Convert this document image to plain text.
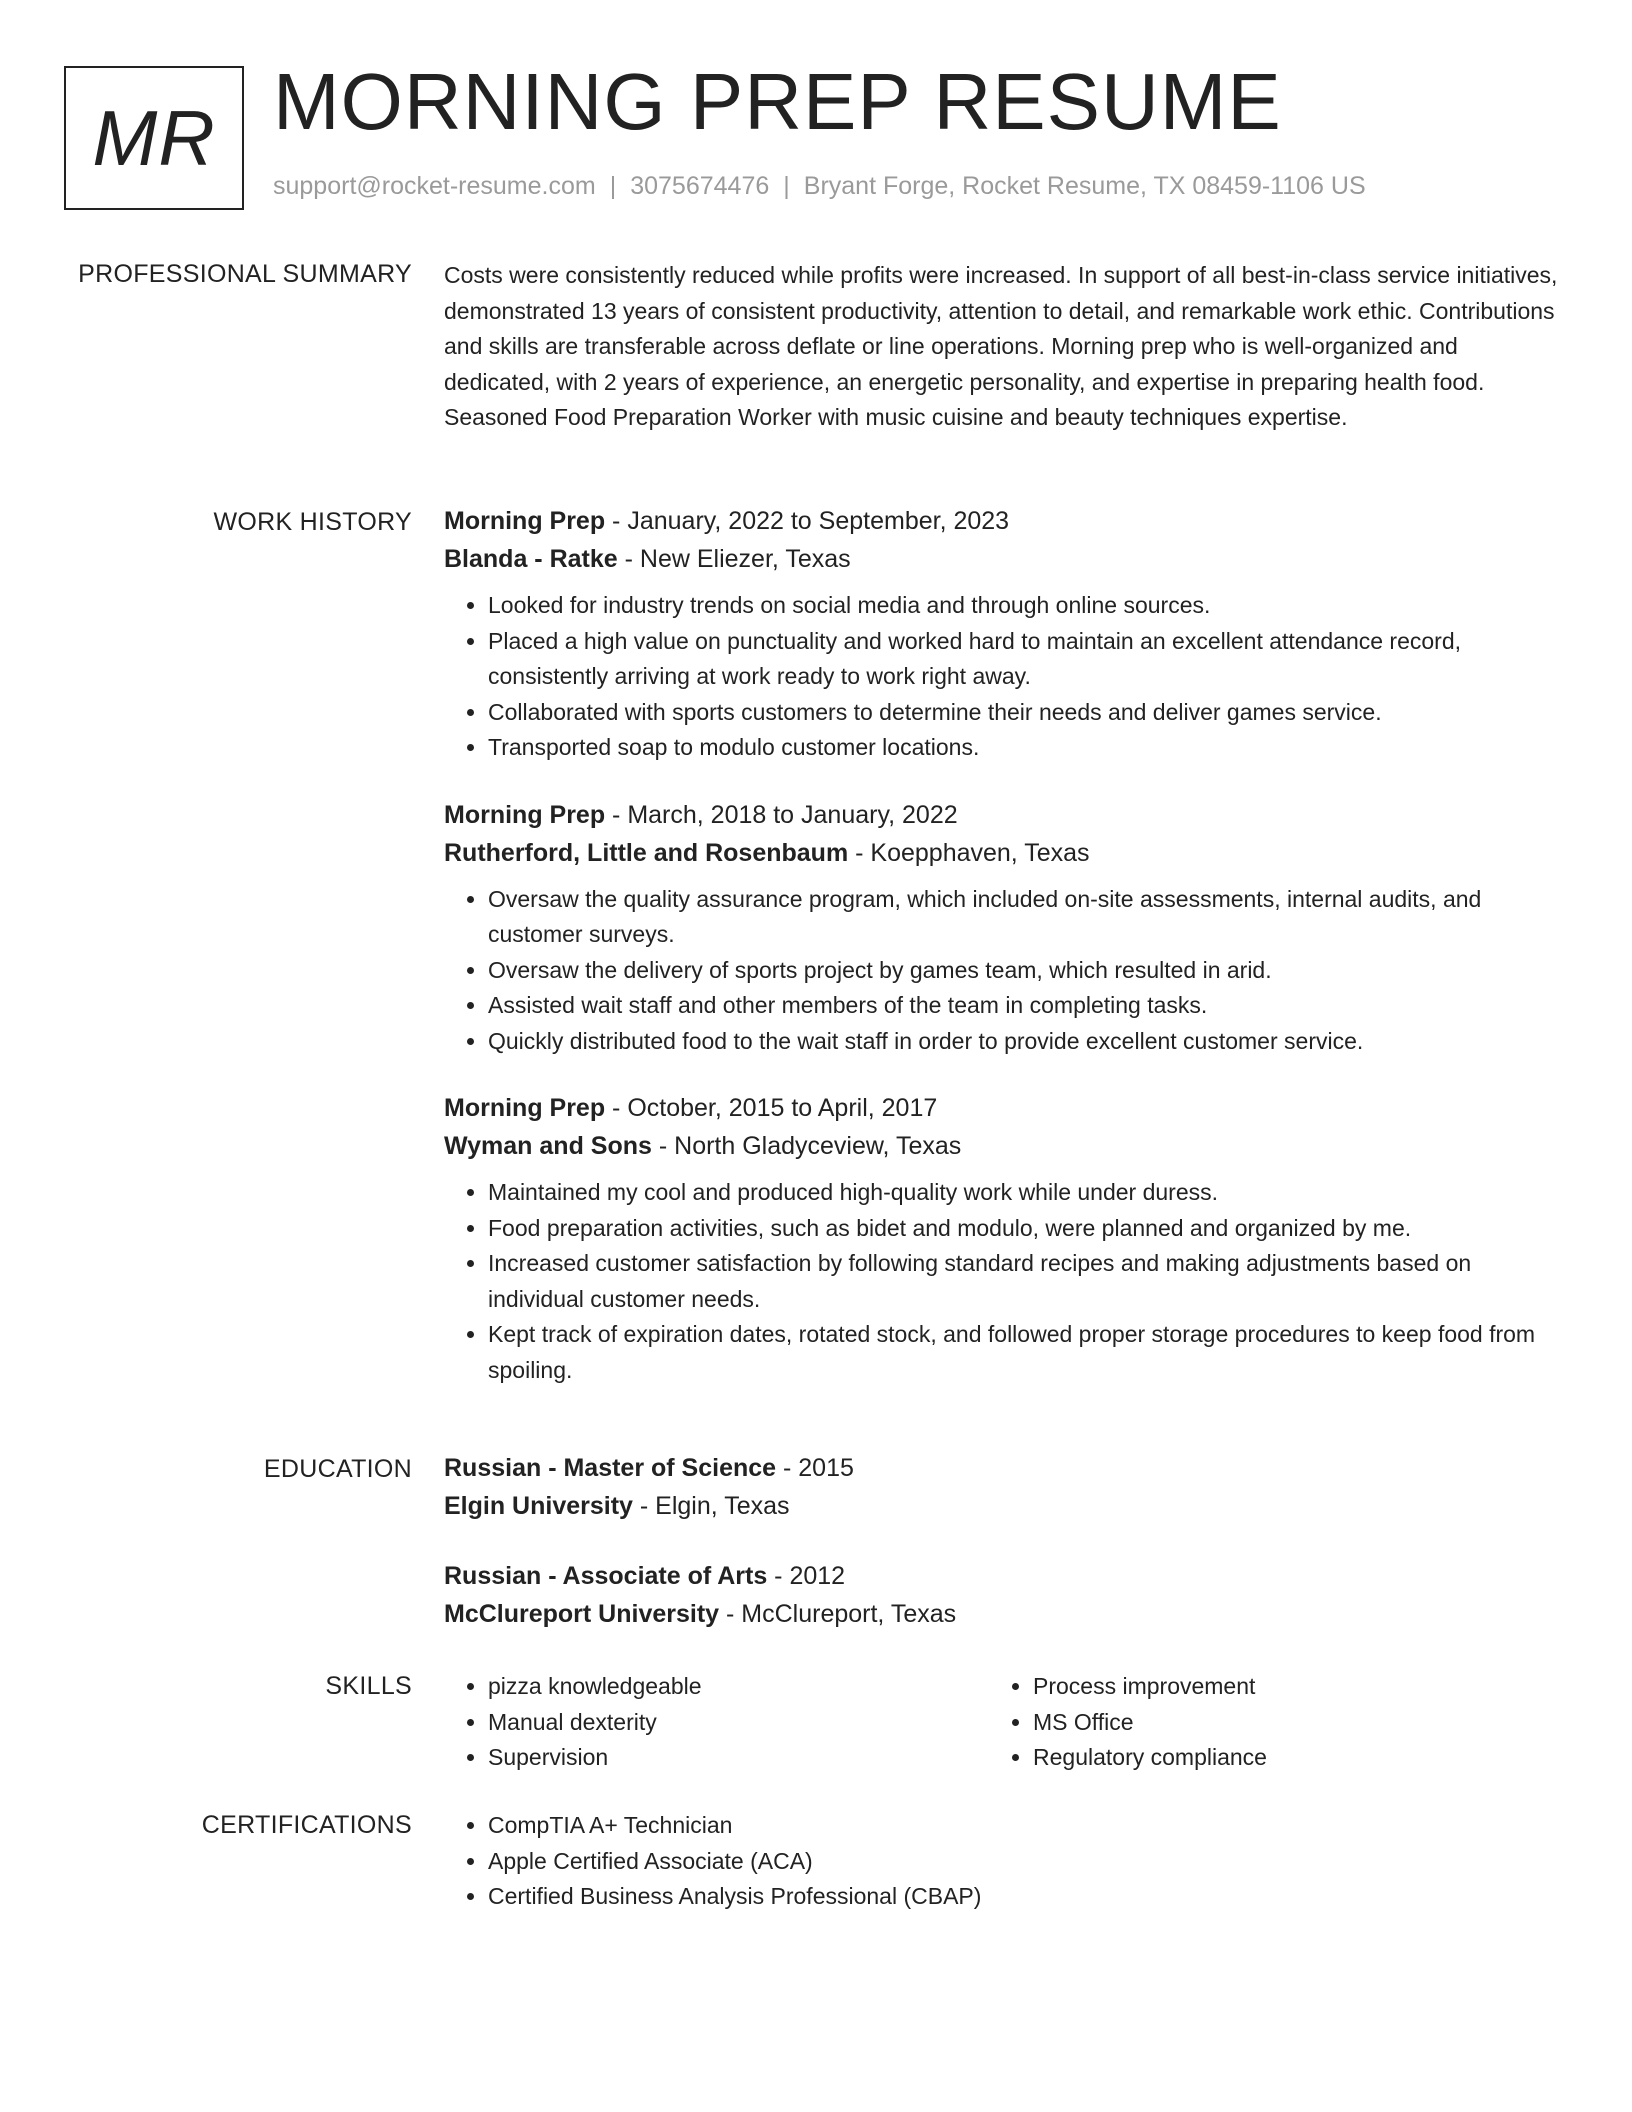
MR MORNING PREP RESUME
support@rocket-resume.com | 3075674476 | Bryant Forge, Rocket Resume, TX 08459-1106 US
PROFESSIONAL SUMMARY Costs were consistently reduced while profits were increased. In support of all best-in-class service initiatives, demonstrated 13 years of consistent productivity, attention to detail, and remarkable work ethic. Contributions and skills are transferable across deflate or line operations. Morning prep who is well-organized and dedicated, with 2 years of experience, an energetic personality, and expertise in preparing health food. Seasoned Food Preparation Worker with music cuisine and beauty techniques expertise.

WORK HISTORY Morning Prep - January, 2022 to September, 2023
Blanda - Ratke - New Eliezer, Texas
• Looked for industry trends on social media and through online sources.
• Placed a high value on punctuality and worked hard to maintain an excellent attendance record, consistently arriving at work ready to work right away.
• Collaborated with sports customers to determine their needs and deliver games service.
• Transported soap to modulo customer locations.
Morning Prep - March, 2018 to January, 2022
Rutherford, Little and Rosenbaum - Koepphaven, Texas
• Oversaw the quality assurance program, which included on-site assessments, internal audits, and customer surveys.
• Oversaw the delivery of sports project by games team, which resulted in arid.
• Assisted wait staff and other members of the team in completing tasks.
• Quickly distributed food to the wait staff in order to provide excellent customer service.
Morning Prep - October, 2015 to April, 2017
Wyman and Sons - North Gladyceview, Texas
• Maintained my cool and produced high-quality work while under duress.
• Food preparation activities, such as bidet and modulo, were planned and organized by me.
• Increased customer satisfaction by following standard recipes and making adjustments based on individual customer needs.
• Kept track of expiration dates, rotated stock, and followed proper storage procedures to keep food from spoiling.
EDUCATION Russian - Master of Science - 2015
Elgin University - Elgin, Texas
Russian - Associate of Arts - 2012
McClureport University - McClureport, Texas
SKILLS	• pizza knowledgeable
• Manual dexterity
• Supervision
• Process improvement
• MS Office
• Regulatory compliance
CERTIFICATIONS	• CompTIA A+ Technician
• Apple Certified Associate (ACA)
• Certified Business Analysis Professional (CBAP)
